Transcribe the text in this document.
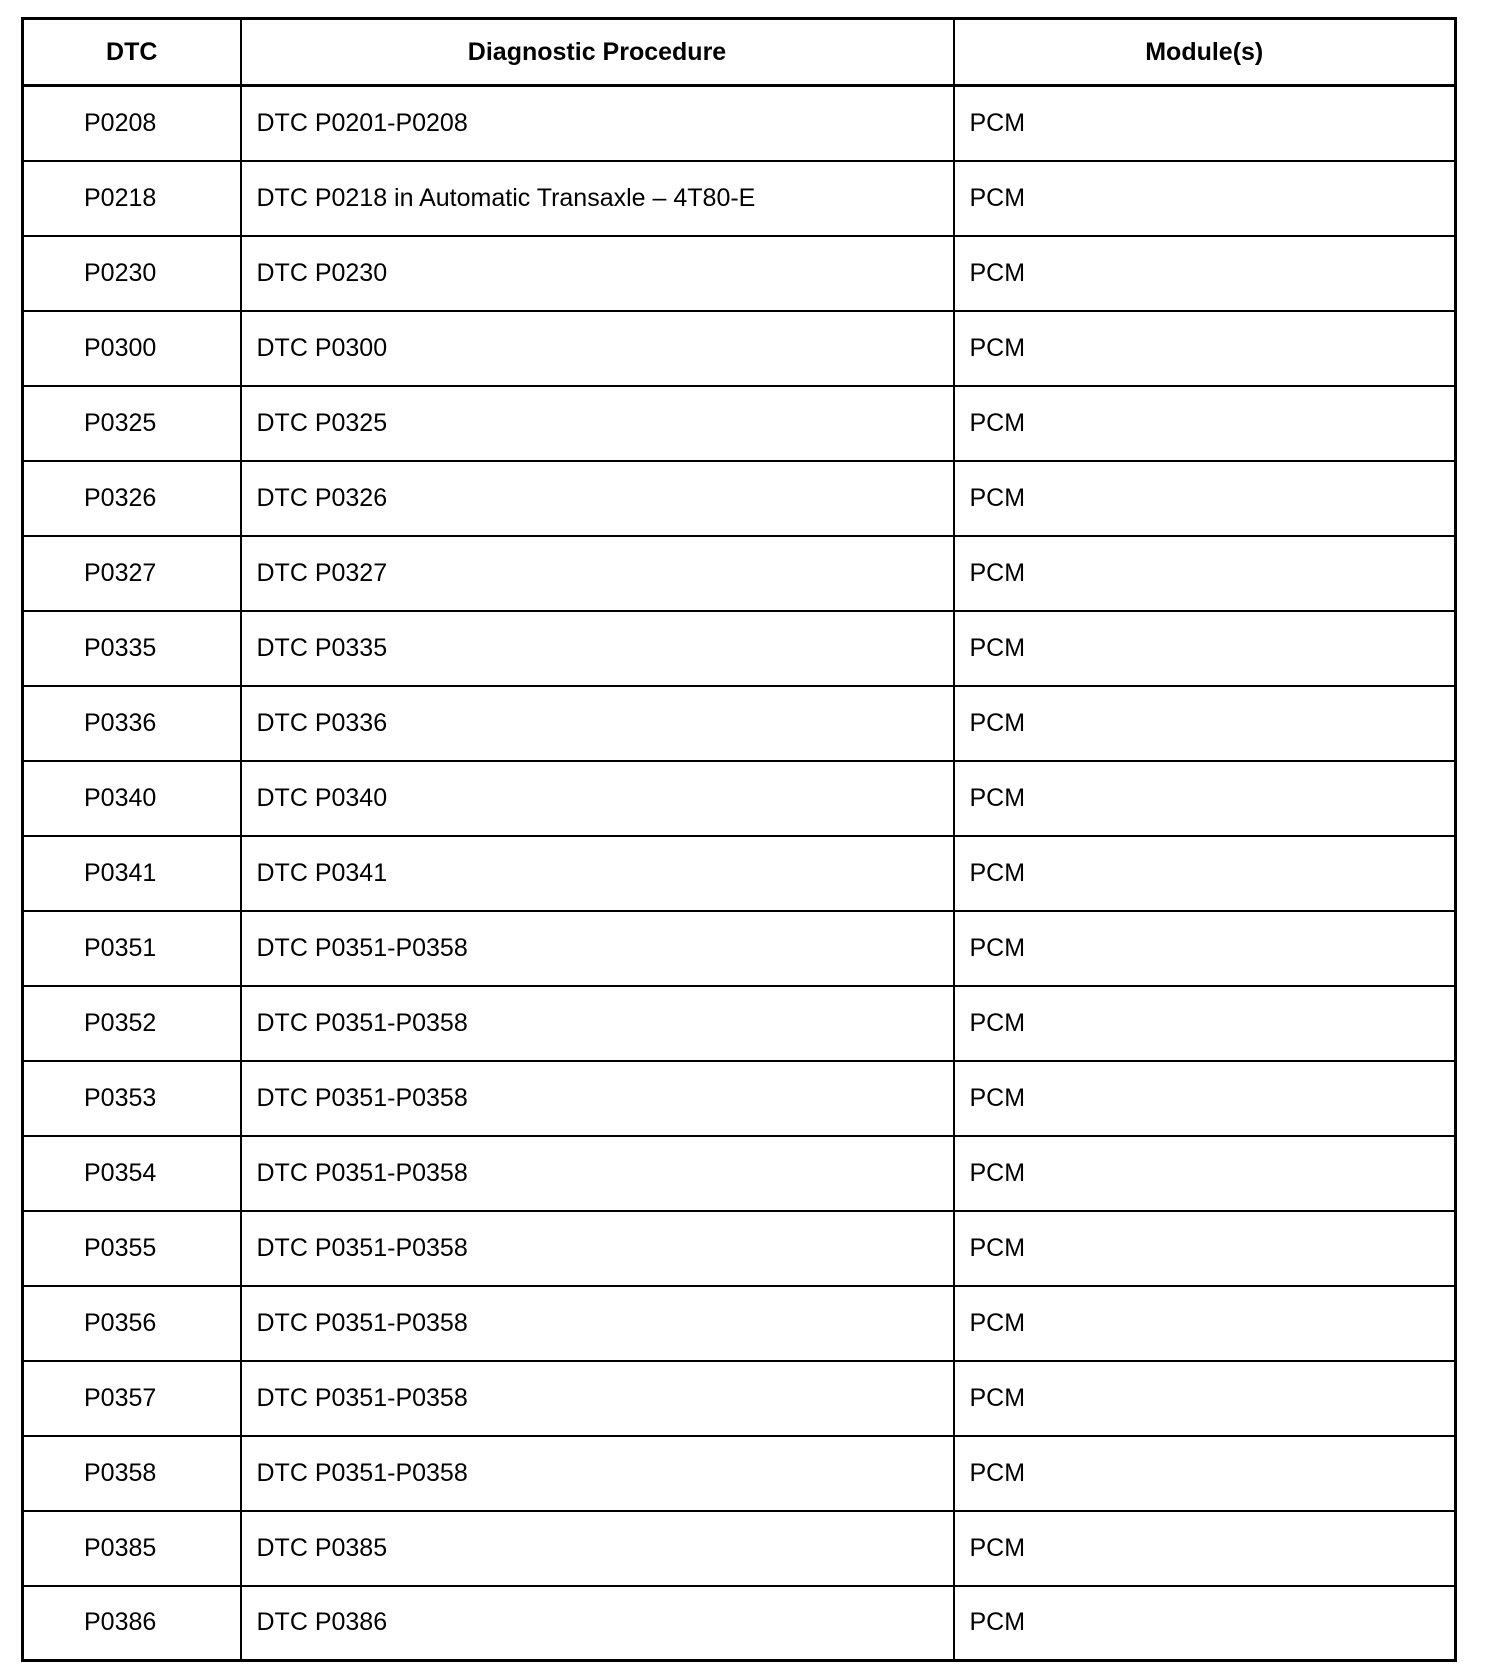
DTC	Diagnostic Procedure	Module(s)
P0208	DTC P0201-P0208	PCM
P0218	DTC P0218 in Automatic Transaxle – 4T80-E	PCM
P0230	DTC P0230	PCM
P0300	DTC P0300	PCM
P0325	DTC P0325	PCM
P0326	DTC P0326	PCM
P0327	DTC P0327	PCM
P0335	DTC P0335	PCM
P0336	DTC P0336	PCM
P0340	DTC P0340	PCM
P0341	DTC P0341	PCM
P0351	DTC P0351-P0358	PCM
P0352	DTC P0351-P0358	PCM
P0353	DTC P0351-P0358	PCM
P0354	DTC P0351-P0358	PCM
P0355	DTC P0351-P0358	PCM
P0356	DTC P0351-P0358	PCM
P0357	DTC P0351-P0358	PCM
P0358	DTC P0351-P0358	PCM
P0385	DTC P0385	PCM
P0386	DTC P0386	PCM
